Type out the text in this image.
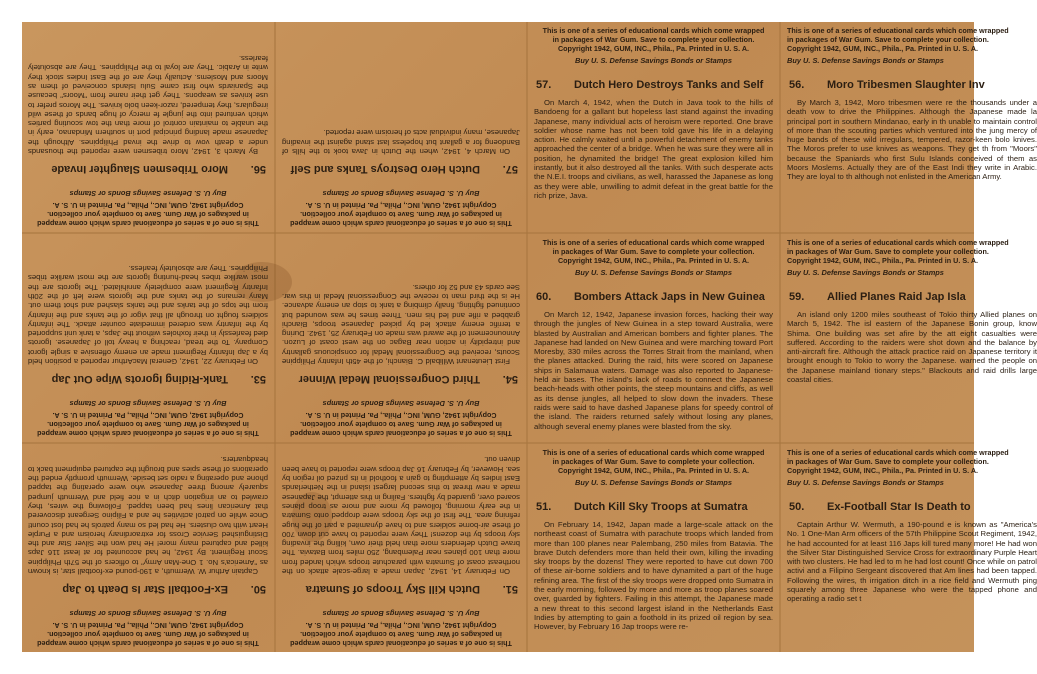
This is one of a series of educational cards which come wrapped
in packages of War Gum. Save to complete your collection.
Copyright 1942, GUM, INC., Phila., Pa. Printed in U. S. A.
Buy U. S. Defense Savings Bonds or Stamps
56.
Moro Tribesmen Slaughter Invade

By March 3, 1942, Moro tribesmen were reported the thousands under a death vow to drive the invad Philippines. Although the Japanese made landing principal port in southern Mindanao, early in the unable to maintain control of more than the tow scouting parties which ventured into the jungle fe mercy of huge bands of these wild irregulars, they tempered, razor-keen bolo knives. The Moros prefer to use knives as weapons. They get their name from "Moors" because the Spaniards who first came Sulu Islands conceived of them as Moors and Moslems. Actually they are of the East Indies stock they write in Arabic. They are loyal to the Philippines. They are absolutely fearless.

This is one of a series of educational cards which come wrapped
in packages of War Gum. Save to complete your collection.
Copyright 1942, GUM, INC., Phila., Pa. Printed in U. S. A.
Buy U. S. Defense Savings Bonds or Stamps
57.
Dutch Hero Destroys Tanks and Self

On March 4, 1942, when the Dutch in Java took to the hills of Bandoeng for a gallant but hopeless last stand against the invading Japanese, many individual acts of heroism were reported.

This is one of a series of educational cards which come wrapped
in packages of War Gum. Save to complete your collection.
Copyright 1942, GUM, INC., Phila., Pa. Printed in U. S. A.
Buy U. S. Defense Savings Bonds or Stamps
57.	Dutch Hero Destroys Tanks and Self

On March 4, 1942, when the Dutch in Java took to the hills of Bandoeng for a gallant but hopeless last stand against the invading Japanese, many individual acts of heroism were reported. One brave soldier whose name has not been told gave his life in a delaying action. He calmly waited until a powerful detachment of enemy tanks approached the center of a bridge. When he was sure they were all in position, he dynamited the bridge! The great explosion killed him instantly, but it also destroyed all the tanks. With such desperate acts the N.E.I. troops and civilians, as well, harassed the Japanese as long as they were able, unwilling to admit defeat in the great battle for the rich prize, Java.

This is one of a series of educational cards which come wrapped
in packages of War Gum. Save to complete your collection.
Copyright 1942, GUM, INC., Phila., Pa. Printed in U. S. A.
Buy U. S. Defense Savings Bonds or Stamps
56.	Moro Tribesmen Slaughter Inv

By March 3, 1942, Moro tribesmen were re the thousands under a death vow to drive the Philippines. Although the Japanese made la principal port in southern Mindanao, early in th unable to maintain control of more than the scouting parties which ventured into the jung mercy of huge bands of these wild irregulars, tempered, razor-keen bolo knives. The Moros prefer to use knives as weapons. They get th from "Moors" because the Spaniards who first Sulu Islands conceived of them as Moors Moslems. Actually they are of the East Indi they write in Arabic. They are loyal to th although not enlisted in the American Army.

This is one of a series of educational cards which come wrapped
in packages of War Gum. Save to complete your collection.
Copyright 1942, GUM, INC., Phila., Pa. Printed in U. S. A.
Buy U. S. Defense Savings Bonds or Stamps
53.
Tank-Riding Igorots Wipe Out Jap

On February 22, 1942, General MacArthur reported a position held by a Jap Infantry Regiment made an enemy offensive a single Igorot Company. To the tread, reaching a heavy toll of Japanese. Igorots died fearlessly in their foxholes without the Japs, a tank unit supported by the Infantry was ordered immediate counter attack. The infantry soldiers fought on through all that vigor of the tanks and the infantry from the tops of the tanks and the tanks slashed and shot them out. Many remains of the tanks and the Igorots were left of the 20th Infantry Regiment were completely annihilated. The Igorots are the most warlike tribes head-hunting Igorots are the most warlike tribes Philippines. They are absolutely fearless.

This is one of a series of educational cards which come wrapped
in packages of War Gum. Save to complete your collection.
Copyright 1942, GUM, INC., Phila., Pa. Printed in U. S. A.
Buy U. S. Defense Savings Bonds or Stamps
54.
Third Congressional Medal Winner

First Lieutenant Willibald C. Bianchi, of the 45th Infantry Philippine Scouts, received the Congressional Medal for conspicuous gallantry and intrepidity in action near Bagac on the west coast of Luzon. Announcement of the award was made on February 25, 1942. During a terrific enemy attack led by picked Japanese troops, Bianchi grabbed a rifle and led his men. Three times he was wounded but continued fighting, finally climbing a tank to stop an enemy advance. He is the third man to receive the Congressional Medal in this war. See cards 43 and 52 for others.

This is one of a series of educational cards which come wrapped
in packages of War Gum. Save to complete your collection.
Copyright 1942, GUM, INC., Phila., Pa. Printed in U. S. A.
Buy U. S. Defense Savings Bonds or Stamps
60.	Bombers Attack Japs in New Guinea

On March 12, 1942, Japanese invasion forces, hacking their way through the jungles of New Guinea in a step toward Australia, were blasted by Australian and American bombers and fighter planes. The Japanese had landed on New Guinea and were marching toward Port Moresby, 330 miles across the Torres Strait from the mainland, when the planes attacked. During the raid, hits were scored on Japanese ships in Salamaua waters. Damage was also reported to Japanese-held air bases. The island's lack of roads to connect the Japanese beach-heads with other points, the steep mountains and cliffs, as well as its dense jungles, all helped to slow down the invaders. These raids were said to have dashed Japanese plans for speedy control of the island. The raiders returned safely without losing any planes, although several enemy planes were blasted from the sky.

This is one of a series of educational cards which come wrapped
in packages of War Gum. Save to complete your collection.
Copyright 1942, GUM, INC., Phila., Pa. Printed in U. S. A.
Buy U. S. Defense Savings Bonds or Stamps
59.	Allied Planes Raid Jap Isla

An island only 1200 miles southeast of Tokio thirty Allied planes on March 5, 1942. The isl eastern of the Japanese Bonin group, know Shima. One building was set afire by the att eight casualties were suffered. According to the raiders were shot down and the balance by anti-aircraft fire. Although the attack practice raid on Japanese territory it brought enough to Tokio to worry the Japanese. warned the people on the Japanese mainland tionary steps." Blackouts and raid drills large coastal cities.

This is one of a series of educational cards which come wrapped
in packages of War Gum. Save to complete your collection.
Copyright 1942, GUM, INC., Phila., Pa. Printed in U. S. A.
Buy U. S. Defense Savings Bonds or Stamps
50.
Ex-Football Star Is Death to Jap

Captain Arthur W. Wermuth, a 190-pound ex-football star, is known as "America's No. 1 One-Man Army" to officers of the 57th Philippine Scout Regiment. By 1942, he had accounted for at least 116 Japs killed and captured many more! He had won the Silver Star and the Distinguished Service Cross for extraordinary heroism and a Purple Heart with two clusters. He had led so many patrols he had lost count! Once while on patrol activities he and a Filipino Sergeant discovered that American lines had been tapped. Following the wires, they crawled to an irrigation ditch in a rice field and Wermuth jumped squarely among three Japanese who were operating the tapped phone and operating a radio set beside. Wermuth promptly ended the operations of these spies and brought the captured equipment back to headquarters.

This is one of a series of educational cards which come wrapped
in packages of War Gum. Save to complete your collection.
Copyright 1942, GUM, INC., Phila., Pa. Printed in U. S. A.
Buy U. S. Defense Savings Bonds or Stamps
51.
Dutch Kill Sky Troops of Sumatra

On February 14, 1942, Japan made a large-scale attack on the northeast coast of Sumatra with parachute troops which landed from more than 100 planes near Palembang, 250 miles from Batavia. The brave Dutch defenders more than held their own, killing the invading sky troops by the dozens! They were reported to have cut down 700 of these air-borne soldiers and to have dynamited a part of the huge refining area. The first of the sky troops were dropped onto Sumatra in the early morning, followed by more and more as troop planes soared over, guarded by fighters. Failing in this attempt, the Japanese made a new threat to this second largest island in the Netherlands East Indies by attempting to gain a foothold in its prized oil region by sea. However, by February 16 Jap troops were reported to have been driven out.

This is one of a series of educational cards which come wrapped
in packages of War Gum. Save to complete your collection.
Copyright 1942, GUM, INC., Phila., Pa. Printed in U. S. A.
Buy U. S. Defense Savings Bonds or Stamps
51.	Dutch Kill Sky Troops at Sumatra

On February 14, 1942, Japan made a large-scale attack on the northeast coast of Sumatra with parachute troops which landed from more than 100 planes near Palembang, 250 miles from Batavia. The brave Dutch defenders more than held their own, killing the invading sky troops by the dozens! They were reported to have cut down 700 of these air-borne soldiers and to have dynamited a part of the huge refining area. The first of the sky troops were dropped onto Sumatra in the early morning, followed by more and more as troop planes soared over, guarded by fighters. Failing in this attempt, the Japanese made a new threat to this second largest island in the Netherlands East Indies by attempting to gain a foothold in its prized oil region by sea. However, by February 16 Jap troops were re-

This is one of a series of educational cards which come wrapped
in packages of War Gum. Save to complete your collection.
Copyright 1942, GUM, INC., Phila., Pa. Printed in U. S. A.
Buy U. S. Defense Savings Bonds or Stamps
50.	Ex-Football Star Is Death to

Captain Arthur W. Wermuth, a 190-pound e is known as "America's No. 1 One-Man Arm officers of the 57th Philippine Scout Regiment, 1942, he had accounted for at least 116 Japs kill tured many more! He had won the Silver Star Distinguished Service Cross for extraordinary Purple Heart with two clusters. He had led to m he had lost count! Once while on patrol activi and a Filipino Sergeant discovered that Am lines had been tapped. Following the wires, th irrigation ditch in a rice field and Wermuth ping squarely among three Japanese who were the tapped phone and operating a radio set t
